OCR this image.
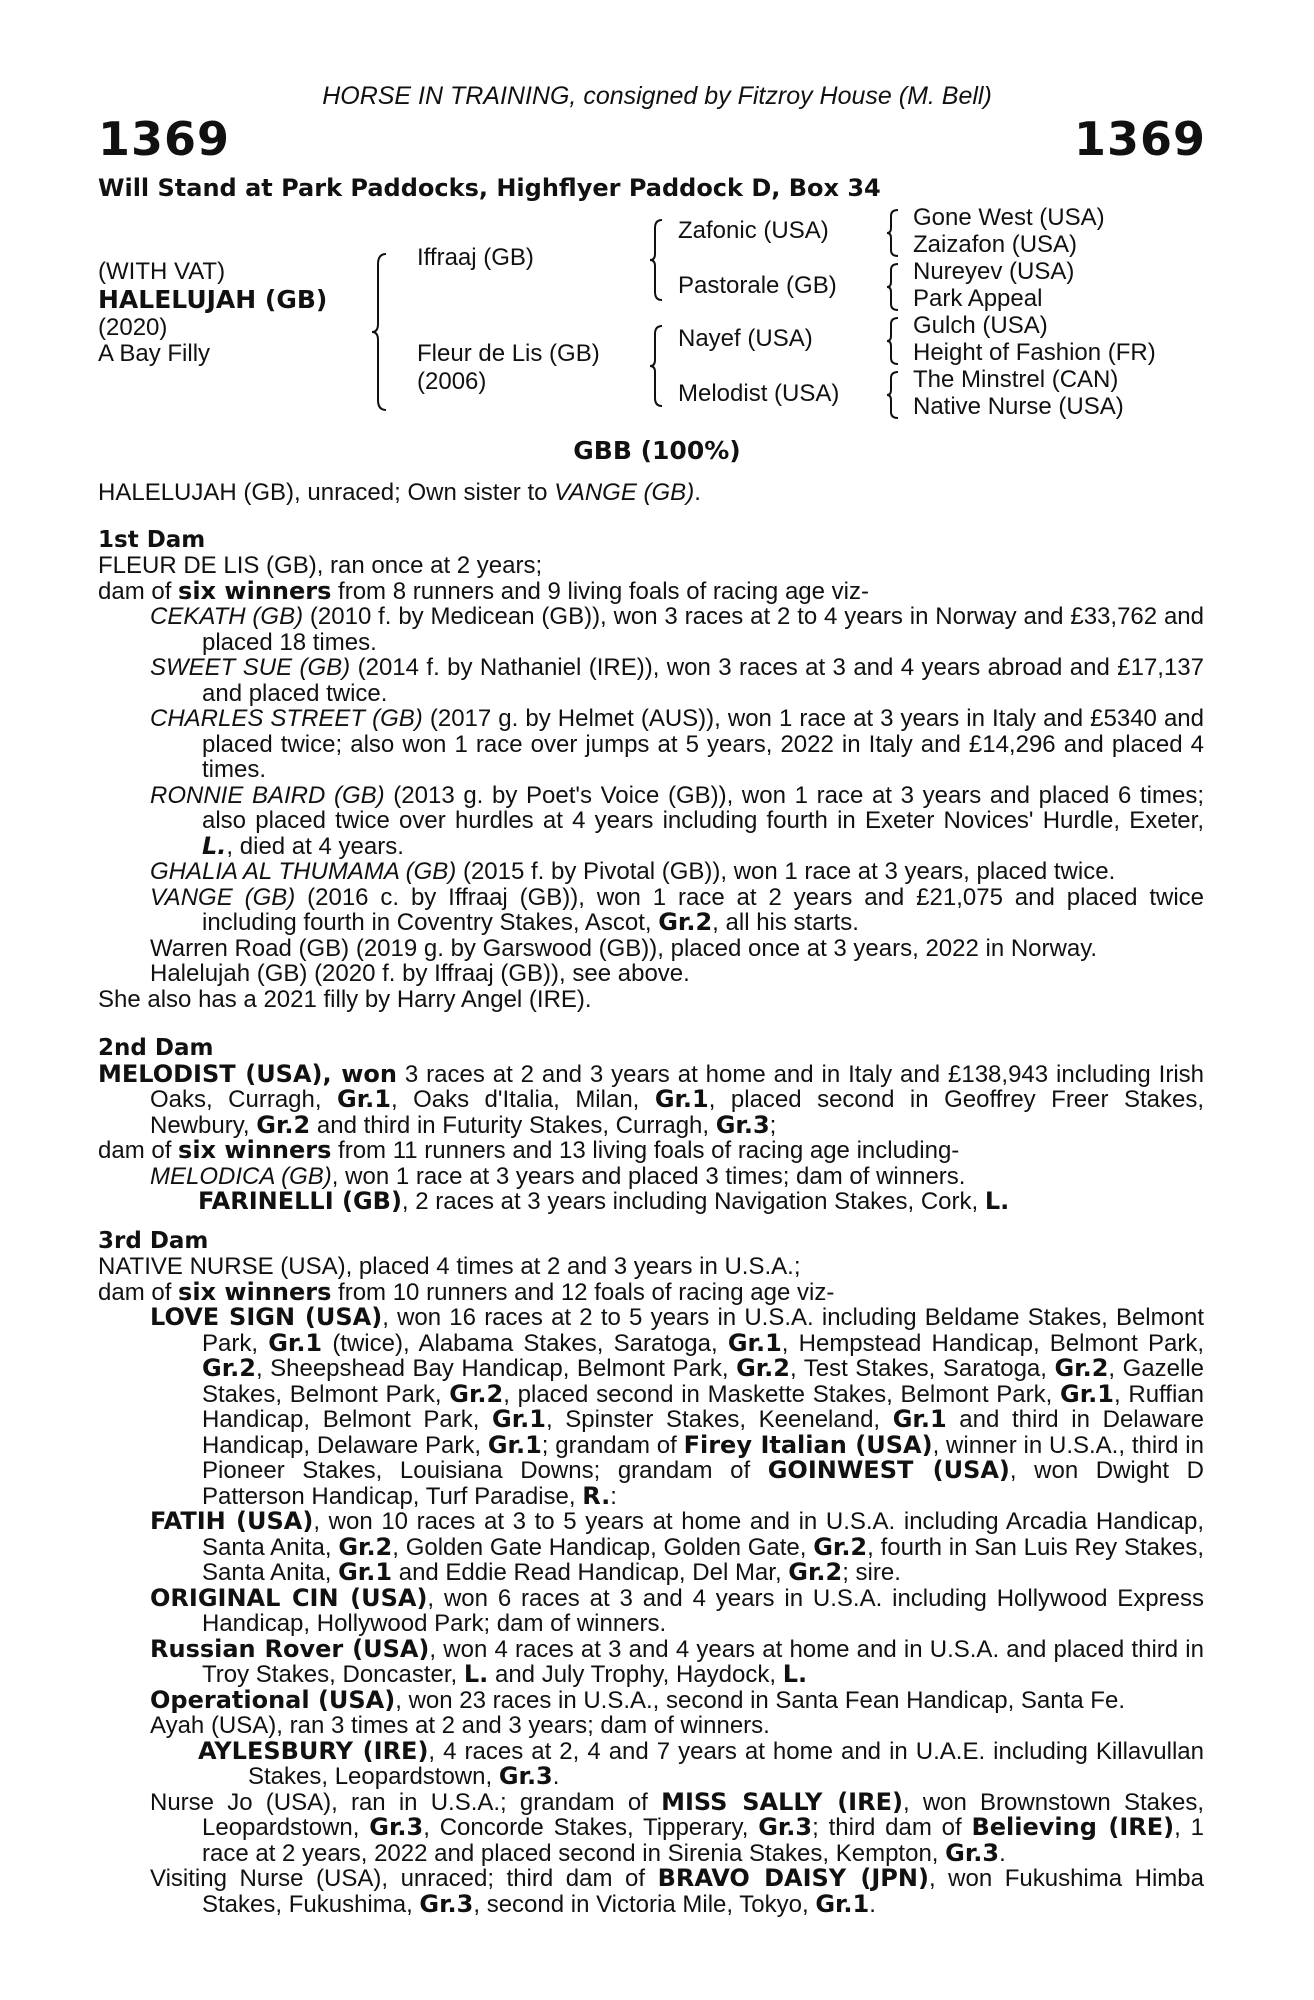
HORSE IN TRAINING, consigned by Fitzroy House (M. Bell)
1369	1369
Will Stand at Park Paddocks, Highflyer Paddock D, Box 34
(WITH VAT)
HALELUJAH (GB)
(2020)
A Bay Filly
Iffraaj (GB)
Fleur de Lis (GB)
(2006)
Zafonic (USA)
Pastorale (GB)
Nayef (USA)
Melodist (USA)
Gone West (USA)
Zaizafon (USA)
Nureyev (USA)
Park Appeal
Gulch (USA)
Height of Fashion (FR)
The Minstrel (CAN)
Native Nurse (USA)
GBB (100%)

HALELUJAH (GB), unraced; Own sister to VANGE (GB).

1st Dam

FLEUR DE LIS (GB), ran once at 2 years;

dam of six winners from 8 runners and 9 living foals of racing age viz-

CEKATH (GB) (2010 f. by Medicean (GB)), won 3 races at 2 to 4 years in Norway and £33,762 and placed 18 times.

SWEET SUE (GB) (2014 f. by Nathaniel (IRE)), won 3 races at 3 and 4 years abroad and £17,137 and placed twice.

CHARLES STREET (GB) (2017 g. by Helmet (AUS)), won 1 race at 3 years in Italy and £5340 and placed twice; also won 1 race over jumps at 5 years, 2022 in Italy and £14,296 and placed 4 times.

RONNIE BAIRD (GB) (2013 g. by Poet's Voice (GB)), won 1 race at 3 years and placed 6 times; also placed twice over hurdles at 4 years including fourth in Exeter Novices' Hurdle, Exeter, L., died at 4 years.

GHALIA AL THUMAMA (GB) (2015 f. by Pivotal (GB)), won 1 race at 3 years, placed twice.

VANGE (GB) (2016 c. by Iffraaj (GB)), won 1 race at 2 years and £21,075 and placed twice including fourth in Coventry Stakes, Ascot, Gr.2, all his starts.

Warren Road (GB) (2019 g. by Garswood (GB)), placed once at 3 years, 2022 in Norway.

Halelujah (GB) (2020 f. by Iffraaj (GB)), see above.

She also has a 2021 filly by Harry Angel (IRE).

2nd Dam

MELODIST (USA), won 3 races at 2 and 3 years at home and in Italy and £138,943 including Irish Oaks, Curragh, Gr.1, Oaks d'Italia, Milan, Gr.1, placed second in Geoffrey Freer Stakes, Newbury, Gr.2 and third in Futurity Stakes, Curragh, Gr.3;

dam of six winners from 11 runners and 13 living foals of racing age including-

MELODICA (GB), won 1 race at 3 years and placed 3 times; dam of winners.

FARINELLI (GB), 2 races at 3 years including Navigation Stakes, Cork, L.

3rd Dam

NATIVE NURSE (USA), placed 4 times at 2 and 3 years in U.S.A.;

dam of six winners from 10 runners and 12 foals of racing age viz-

LOVE SIGN (USA), won 16 races at 2 to 5 years in U.S.A. including Beldame Stakes, Belmont Park, Gr.1 (twice), Alabama Stakes, Saratoga, Gr.1, Hempstead Handicap, Belmont Park, Gr.2, Sheepshead Bay Handicap, Belmont Park, Gr.2, Test Stakes, Saratoga, Gr.2, Gazelle Stakes, Belmont Park, Gr.2, placed second in Maskette Stakes, Belmont Park, Gr.1, Ruffian Handicap, Belmont Park, Gr.1, Spinster Stakes, Keeneland, Gr.1 and third in Delaware Handicap, Delaware Park, Gr.1; grandam of Firey Italian (USA), winner in U.S.A., third in Pioneer Stakes, Louisiana Downs; grandam of GOINWEST (USA), won Dwight D Patterson Handicap, Turf Paradise, R.:

FATIH (USA), won 10 races at 3 to 5 years at home and in U.S.A. including Arcadia Handicap, Santa Anita, Gr.2, Golden Gate Handicap, Golden Gate, Gr.2, fourth in San Luis Rey Stakes, Santa Anita, Gr.1 and Eddie Read Handicap, Del Mar, Gr.2; sire.

ORIGINAL CIN (USA), won 6 races at 3 and 4 years in U.S.A. including Hollywood Express Handicap, Hollywood Park; dam of winners.

Russian Rover (USA), won 4 races at 3 and 4 years at home and in U.S.A. and placed third in Troy Stakes, Doncaster, L. and July Trophy, Haydock, L.

Operational (USA), won 23 races in U.S.A., second in Santa Fean Handicap, Santa Fe.

Ayah (USA), ran 3 times at 2 and 3 years; dam of winners.

AYLESBURY (IRE), 4 races at 2, 4 and 7 years at home and in U.A.E. including Killavullan Stakes, Leopardstown, Gr.3.

Nurse Jo (USA), ran in U.S.A.; grandam of MISS SALLY (IRE), won Brownstown Stakes, Leopardstown, Gr.3, Concorde Stakes, Tipperary, Gr.3; third dam of Believing (IRE), 1 race at 2 years, 2022 and placed second in Sirenia Stakes, Kempton, Gr.3.

Visiting Nurse (USA), unraced; third dam of BRAVO DAISY (JPN), won Fukushima Himba Stakes, Fukushima, Gr.3, second in Victoria Mile, Tokyo, Gr.1.
